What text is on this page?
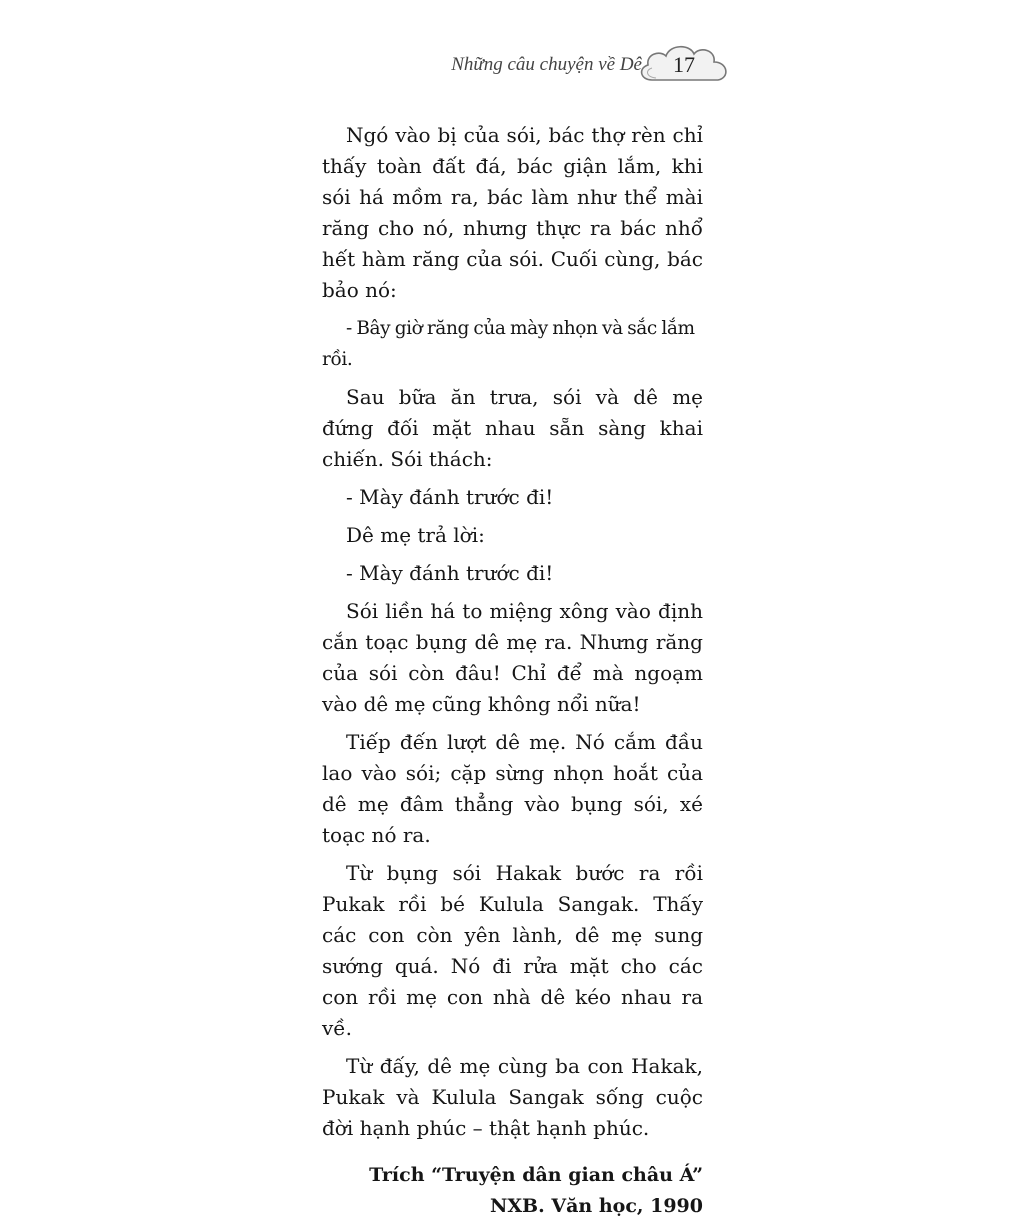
Những câu chuyện về Dê	17

Ngó vào bị của sói, bác thợ rèn chỉ thấy toàn đất đá, bác giận lắm, khi sói há mồm ra, bác làm như thể mài răng cho nó, nhưng thực ra bác nhổ hết hàm răng của sói. Cuối cùng, bác bảo nó:

- Bây giờ răng của mày nhọn và sắc lắm rồi.

Sau bữa ăn trưa, sói và dê mẹ đứng đối mặt nhau sẵn sàng khai chiến. Sói thách:

- Mày đánh trước đi!

Dê mẹ trả lời:

- Mày đánh trước đi!

Sói liền há to miệng xông vào định cắn toạc bụng dê mẹ ra. Nhưng răng của sói còn đâu! Chỉ để mà ngoạm vào dê mẹ cũng không nổi nữa!

Tiếp đến lượt dê mẹ. Nó cắm đầu lao vào sói; cặp sừng nhọn hoắt của dê mẹ đâm thẳng vào bụng sói, xé toạc nó ra.

Từ bụng sói Hakak bước ra rồi Pukak rồi bé Kulula Sangak. Thấy các con còn yên lành, dê mẹ sung sướng quá. Nó đi rửa mặt cho các con rồi mẹ con nhà dê kéo nhau ra về.

Từ đấy, dê mẹ cùng ba con Hakak, Pukak và Kulula Sangak sống cuộc đời hạnh phúc – thật hạnh phúc.

Trích “Truyện dân gian châu Á”
NXB. Văn học, 1990
